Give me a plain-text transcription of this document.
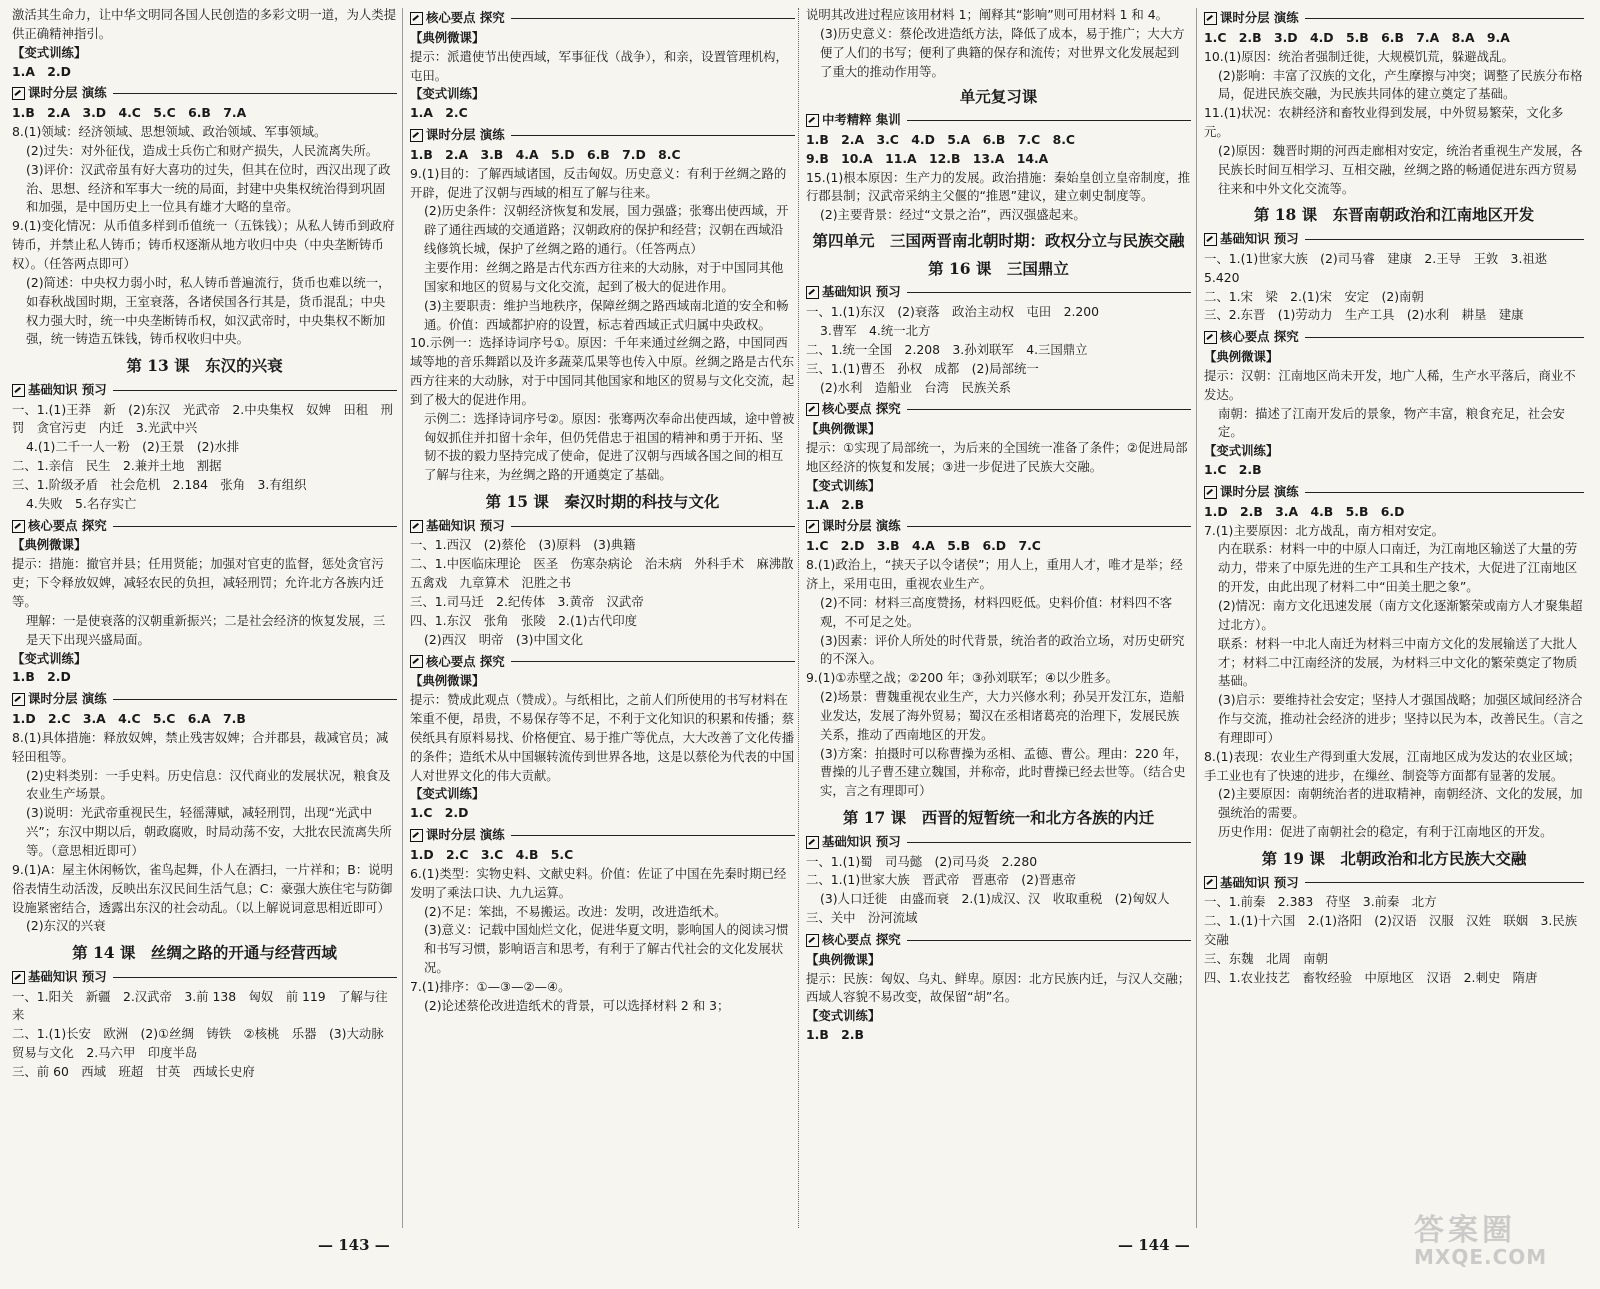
激活其生命力，让中华文明同各国人民创造的多彩文明一道，为人类提供正确精神指引。

【变式训练】

1.A　2.D

课时分层 演练

1.B　2.A　3.D　4.C　5.C　6.B　7.A

8.(1)领域：经济领域、思想领域、政治领域、军事领域。

(2)过失：对外征伐，造成士兵伤亡和财产损失，人民流离失所。

(3)评价：汉武帝虽有好大喜功的过失，但其在位时，西汉出现了政治、思想、经济和军事大一统的局面，封建中央集权统治得到巩固和加强，是中国历史上一位具有雄才大略的皇帝。

9.(1)变化情况：从币值多样到币值统一（五铢钱）；从私人铸币到政府铸币，并禁止私人铸币；铸币权逐渐从地方收归中央（中央垄断铸币权）。（任答两点即可）

(2)简述：中央权力弱小时，私人铸币普遍流行，货币也难以统一，如春秋战国时期，王室衰落，各诸侯国各行其是，货币混乱；中央权力强大时，统一中央垄断铸币权，如汉武帝时，中央集权不断加强，统一铸造五铢钱，铸币权收归中央。

第 13 课　东汉的兴衰
基础知识 预习

一、1.(1)王莽　新　(2)东汉　光武帝　2.中央集权　奴婢　田租　刑罚　贪官污吏　内迁　3.光武中兴

4.(1)二千一人一粉　(2)王景　(2)水排

二、1.亲信　民生　2.兼并土地　割据

三、1.阶级矛盾　社会危机　2.184　张角　3.有组织

4.失败　5.名存实亡

核心要点 探究

【典例微课】

提示：措施：撤官并县；任用贤能；加强对官吏的监督，惩处贪官污吏；下令释放奴婢，减轻农民的负担，减轻刑罚；允许北方各族内迁等。

理解：一是使衰落的汉朝重新振兴；二是社会经济的恢复发展，三是天下出现兴盛局面。

【变式训练】

1.B　2.D

课时分层 演练

1.D　2.C　3.A　4.C　5.C　6.A　7.B

8.(1)具体措施：释放奴婢，禁止残害奴婢；合并郡县，裁减官员；减轻田租等。

(2)史料类别：一手史料。历史信息：汉代商业的发展状况，粮食及农业生产场景。

(3)说明：光武帝重视民生，轻徭薄赋，减轻刑罚，出现“光武中兴”；东汉中期以后，朝政腐败，时局动荡不安，大批农民流离失所等。（意思相近即可）

9.(1)A：屋主休闲畅饮，雀鸟起舞，仆人在酒扫，一片祥和；B：说明俗表情生动活泼，反映出东汉民间生活气息；C：豪强大族住宅与防御设施紧密结合，透露出东汉的社会动乱。（以上解说词意思相近即可）

(2)东汉的兴衰

第 14 课　丝绸之路的开通与经营西域
基础知识 预习

一、1.阳关　新疆　2.汉武帝　3.前 138　匈奴　前 119　了解与往来

二、1.(1)长安　欧洲　(2)①丝绸　铸铁　②核桃　乐器　(3)大动脉　贸易与文化　2.马六甲　印度半岛

三、前 60　西域　班超　甘英　西域长史府

核心要点 探究

【典例微课】

提示：派遣使节出使西域，军事征伐（战争），和亲，设置管理机构，屯田。

【变式训练】

1.A　2.C

课时分层 演练

1.B　2.A　3.B　4.A　5.D　6.B　7.D　8.C

9.(1)目的：了解西域诸国，反击匈奴。历史意义：有利于丝绸之路的开辟，促进了汉朝与西域的相互了解与往来。

(2)历史条件：汉朝经济恢复和发展，国力强盛；张骞出使西域，开辟了通往西域的交通道路；汉朝政府的保护和经营；汉朝在西域沿线修筑长城，保护了丝绸之路的通行。（任答两点）

主要作用：丝绸之路是古代东西方往来的大动脉，对于中国同其他国家和地区的贸易与文化交流，起到了极大的促进作用。

(3)主要职责：维护当地秩序，保障丝绸之路西域南北道的安全和畅通。价值：西域都护府的设置，标志着西域正式归属中央政权。

10.示例一：选择诗词序号①。原因：千年来通过丝绸之路，中国同西域等地的音乐舞蹈以及许多蔬菜瓜果等也传入中原。丝绸之路是古代东西方往来的大动脉，对于中国同其他国家和地区的贸易与文化交流，起到了极大的促进作用。

示例二：选择诗词序号②。原因：张骞两次奉命出使西域，途中曾被匈奴抓住并扣留十余年，但仍凭借忠于祖国的精神和勇于开拓、坚韧不拔的毅力坚持完成了使命，促进了汉朝与西域各国之间的相互了解与往来，为丝绸之路的开通奠定了基础。

第 15 课　秦汉时期的科技与文化
基础知识 预习

一、1.西汉　(2)蔡伦　(3)原料　(3)典籍

二、1.中医临床理论　医圣　伤寒杂病论　治未病　外科手术　麻沸散　五禽戏　九章算术　氾胜之书

三、1.司马迁　2.纪传体　3.黄帝　汉武帝

四、1.东汉　张角　张陵　2.(1)古代印度

(2)西汉　明帝　(3)中国文化

核心要点 探究

【典例微课】

提示：赞成此观点（赞成）。与纸相比，之前人们所使用的书写材料在笨重不便，昂贵，不易保存等不足，不利于文化知识的积累和传播；蔡侯纸具有原料易找、价格便宜、易于推广等优点，大大改善了文化传播的条件；造纸术从中国辗转流传到世界各地，这是以蔡伦为代表的中国人对世界文化的伟大贡献。

【变式训练】

1.C　2.D

课时分层 演练

1.D　2.C　3.C　4.B　5.C

6.(1)类型：实物史料、文献史料。价值：佐证了中国在先秦时期已经发明了乘法口诀、九九运算。

(2)不足：笨拙，不易搬运。改进：发明，改进造纸术。

(3)意义：记载中国灿烂文化，促进华夏文明，影响国人的阅读习惯和书写习惯，影响语言和思考，有利于了解古代社会的文化发展状况。

7.(1)排序：①—③—②—④。

(2)论述蔡伦改进造纸术的背景，可以选择材料 2 和 3；

说明其改进过程应该用材料 1；阐释其“影响”则可用材料 1 和 4。

(3)历史意义：蔡伦改进造纸方法，降低了成本，易于推广；大大方便了人们的书写；便利了典籍的保存和流传；对世界文化发展起到了重大的推动作用等。

单元复习课
中考精粹 集训

1.B　2.A　3.C　4.D　5.A　6.B　7.C　8.C

9.B　10.A　11.A　12.B　13.A　14.A

15.(1)根本原因：生产力的发展。政治措施：秦始皇创立皇帝制度，推行郡县制；汉武帝采纳主父偃的“推恩”建议，建立刺史制度等。

(2)主要背景：经过“文景之治”，西汉强盛起来。

第四单元　三国两晋南北朝时期：政权分立与民族交融
第 16 课　三国鼎立
基础知识 预习

一、1.(1)东汉　(2)衰落　政治主动权　屯田　2.200

3.曹军　4.统一北方

二、1.统一全国　2.208　3.孙刘联军　4.三国鼎立

三、1.(1)曹丕　孙权　成都　(2)局部统一

(2)水利　造船业　台湾　民族关系

核心要点 探究

【典例微课】

提示：①实现了局部统一，为后来的全国统一准备了条件；②促进局部地区经济的恢复和发展；③进一步促进了民族大交融。

【变式训练】

1.A　2.B

课时分层 演练

1.C　2.D　3.B　4.A　5.B　6.D　7.C

8.(1)政治上，“挟天子以令诸侯”；用人上，重用人才，唯才是举；经济上，采用屯田，重视农业生产。

(2)不同：材料三高度赞扬，材料四贬低。史料价值：材料四不客观，不可足之处。

(3)因素：评价人所处的时代背景，统治者的政治立场，对历史研究的不深入。

9.(1)①赤壁之战；②200 年；③孙刘联军；④以少胜多。

(2)场景：曹魏重视农业生产，大力兴修水利；孙吴开发江东，造船业发达，发展了海外贸易；蜀汉在丞相诸葛亮的治理下，发展民族关系，推动了西南地区的开发。

(3)方案：拍摄时可以称曹操为丞相、孟德、曹公。理由：220 年，曹操的儿子曹丕建立魏国，并称帝，此时曹操已经去世等。（结合史实，言之有理即可）

第 17 课　西晋的短暂统一和北方各族的内迁
基础知识 预习

一、1.(1)蜀　司马懿　(2)司马炎　2.280

二、1.(1)世家大族　晋武帝　晋惠帝　(2)晋惠帝

(3)人口迁徙　由盛而衰　2.(1)成汉、汉　收取重税　(2)匈奴人

三、关中　汾河流域

核心要点 探究

【典例微课】

提示：民族：匈奴、乌丸、鲜卑。原因：北方民族内迁，与汉人交融；西域人容貌不易改变，故保留“胡”名。

【变式训练】

1.B　2.B

课时分层 演练

1.C　2.B　3.D　4.D　5.B　6.B　7.A　8.A　9.A

10.(1)原因：统治者强制迁徙，大规模饥荒，躲避战乱。

(2)影响：丰富了汉族的文化，产生摩擦与冲突；调整了民族分布格局，促进民族交融，为民族共同体的建立奠定了基础。

11.(1)状况：农耕经济和畜牧业得到发展，中外贸易繁荣，文化多元。

(2)原因：魏晋时期的河西走廊相对安定，统治者重视生产发展，各民族长时间互相学习、互相交融，丝绸之路的畅通促进东西方贸易往来和中外文化交流等。

第 18 课　东晋南朝政治和江南地区开发
基础知识 预习

一、1.(1)世家大族　(2)司马睿　建康　2.王导　王敦　3.祖逖　5.420

二、1.宋　梁　2.(1)宋　安定　(2)南朝

三、2.东晋　(1)劳动力　生产工具　(2)水利　耕垦　建康

核心要点 探究

【典例微课】

提示：汉朝：江南地区尚未开发，地广人稀，生产水平落后，商业不发达。

南朝：描述了江南开发后的景象，物产丰富，粮食充足，社会安定。

【变式训练】

1.C　2.B

课时分层 演练

1.D　2.B　3.A　4.B　5.B　6.D

7.(1)主要原因：北方战乱，南方相对安定。

内在联系：材料一中的中原人口南迁，为江南地区输送了大量的劳动力，带来了中原先进的生产工具和生产技术，大促进了江南地区的开发，由此出现了材料二中“田美土肥之象”。

(2)情况：南方文化迅速发展（南方文化逐渐繁荣或南方人才聚集超过北方）。

联系：材料一中北人南迁为材料三中南方文化的发展输送了大批人才；材料二中江南经济的发展，为材料三中文化的繁荣奠定了物质基础。

(3)启示：要维持社会安定；坚持人才强国战略；加强区域间经济合作与交流，推动社会经济的进步；坚持以民为本，改善民生。（言之有理即可）

8.(1)表现：农业生产得到重大发展，江南地区成为发达的农业区域；手工业也有了快速的进步，在缫丝、制瓷等方面都有显著的发展。

(2)主要原因：南朝统治者的进取精神，南朝经济、文化的发展，加强统治的需要。

历史作用：促进了南朝社会的稳定，有利于江南地区的开发。

第 19 课　北朝政治和北方民族大交融
基础知识 预习

一、1.前秦　2.383　苻坚　3.前秦　北方

二、1.(1)十六国　2.(1)洛阳　(2)汉语　汉服　汉姓　联姻　3.民族交融

三、东魏　北周　南朝

四、1.农业技艺　畜牧经验　中原地区　汉语　2.刺史　隋唐

— 143 —	— 144 —	答案圈
MXQE.COM
